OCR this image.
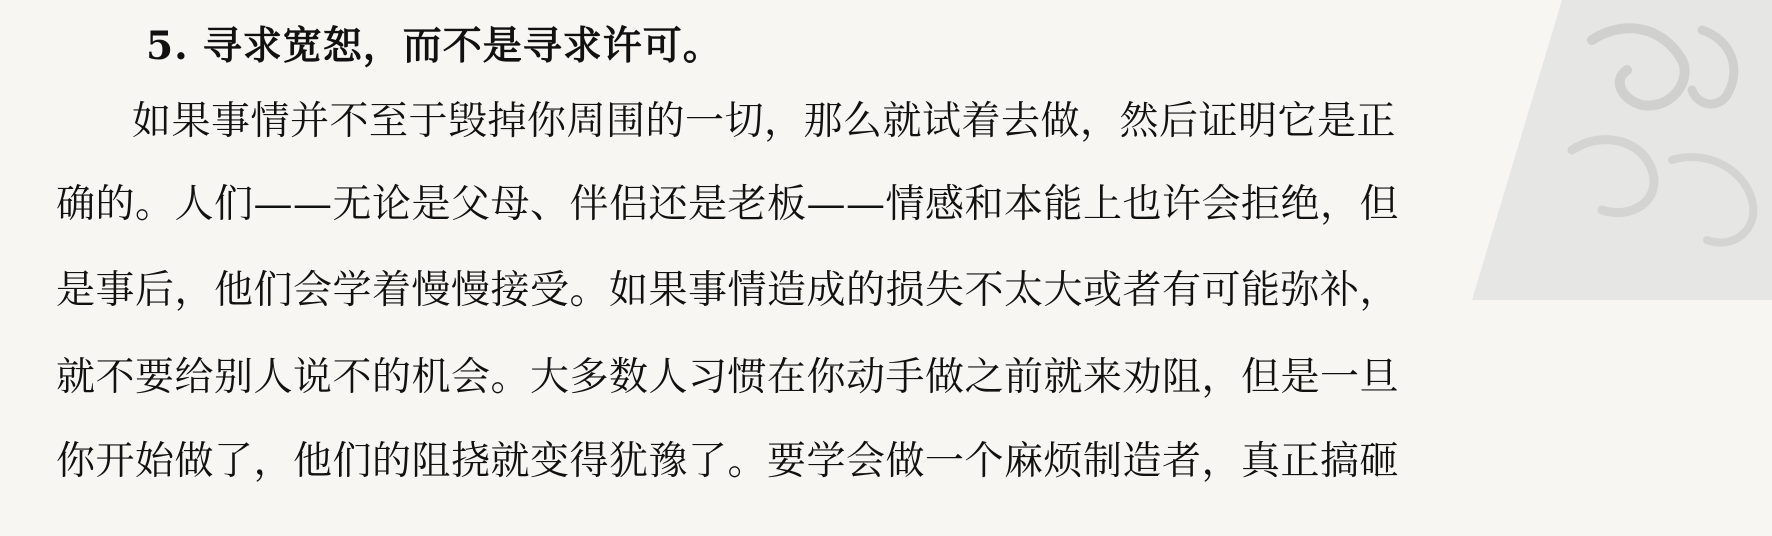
5. 寻求宽恕，而不是寻求许可。
如果事情并不至于毁掉你周围的一切，那么就试着去做，然后证明它是正
确的。人们——无论是父母、伴侣还是老板——情感和本能上也许会拒绝，但
是事后，他们会学着慢慢接受。如果事情造成的损失不太大或者有可能弥补，
就不要给别人说不的机会。大多数人习惯在你动手做之前就来劝阻，但是一旦
你开始做了，他们的阻挠就变得犹豫了。要学会做一个麻烦制造者，真正搞砸
